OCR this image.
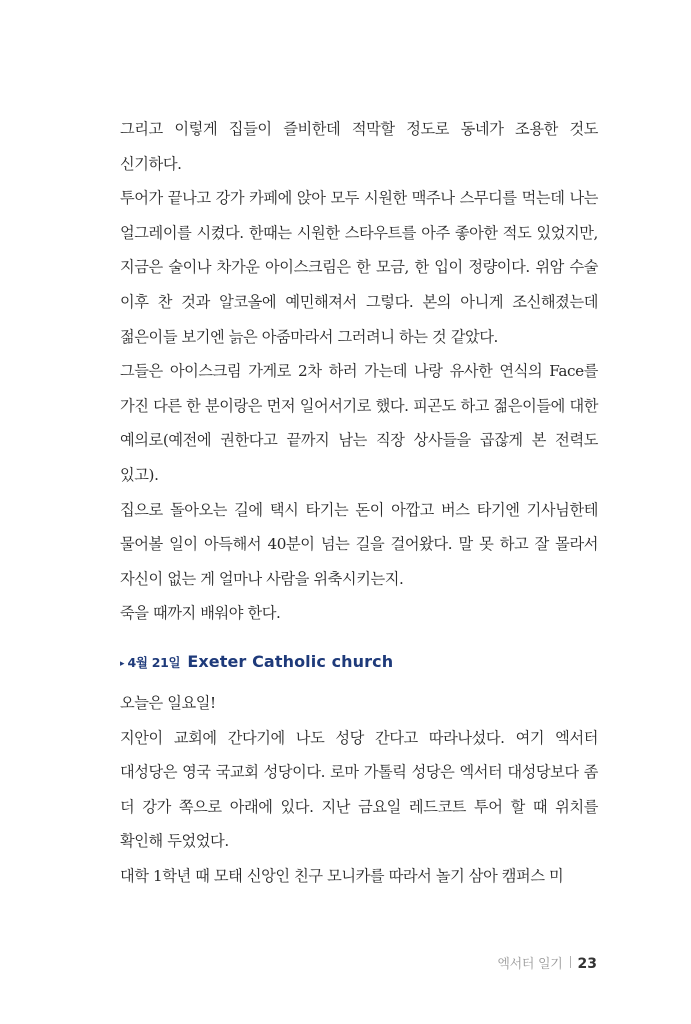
그리고 이렇게 집들이 즐비한데 적막할 정도로 동네가 조용한 것도 신기하다.

투어가 끝나고 강가 카페에 앉아 모두 시원한 맥주나 스무디를 먹는데 나는 얼그레이를 시켰다. 한때는 시원한 스타우트를 아주 좋아한 적도 있었지만, 지금은 술이나 차가운 아이스크림은 한 모금, 한 입이 정량이다. 위암 수술 이후 찬 것과 알코올에 예민해져서 그렇다. 본의 아니게 조신해졌는데 젊은이들 보기엔 늙은 아줌마라서 그러려니 하는 것 같았다.

그들은 아이스크림 가게로 2차 하러 가는데 나랑 유사한 연식의 Face를 가진 다른 한 분이랑은 먼저 일어서기로 했다. 피곤도 하고 젊은이들에 대한 예의로(예전에 권한다고 끝까지 남는 직장 상사들을 곱잖게 본 전력도 있고).

집으로 돌아오는 길에 택시 타기는 돈이 아깝고 버스 타기엔 기사님한테 물어볼 일이 아득해서 40분이 넘는 길을 걸어왔다. 말 못 하고 잘 몰라서 자신이 없는 게 얼마나 사람을 위축시키는지.

죽을 때까지 배워야 한다.

▸ 4월 21일 Exeter Catholic church

오늘은 일요일!

지안이 교회에 간다기에 나도 성당 간다고 따라나섰다. 여기 엑서터 대성당은 영국 국교회 성당이다. 로마 가톨릭 성당은 엑서터 대성당보다 좀 더 강가 쪽으로 아래에 있다. 지난 금요일 레드코트 투어 할 때 위치를 확인해 두었었다.

대학 1학년 때 모태 신앙인 친구 모니카를 따라서 놀기 삼아 캠퍼스 미

엑서터 일기 23
